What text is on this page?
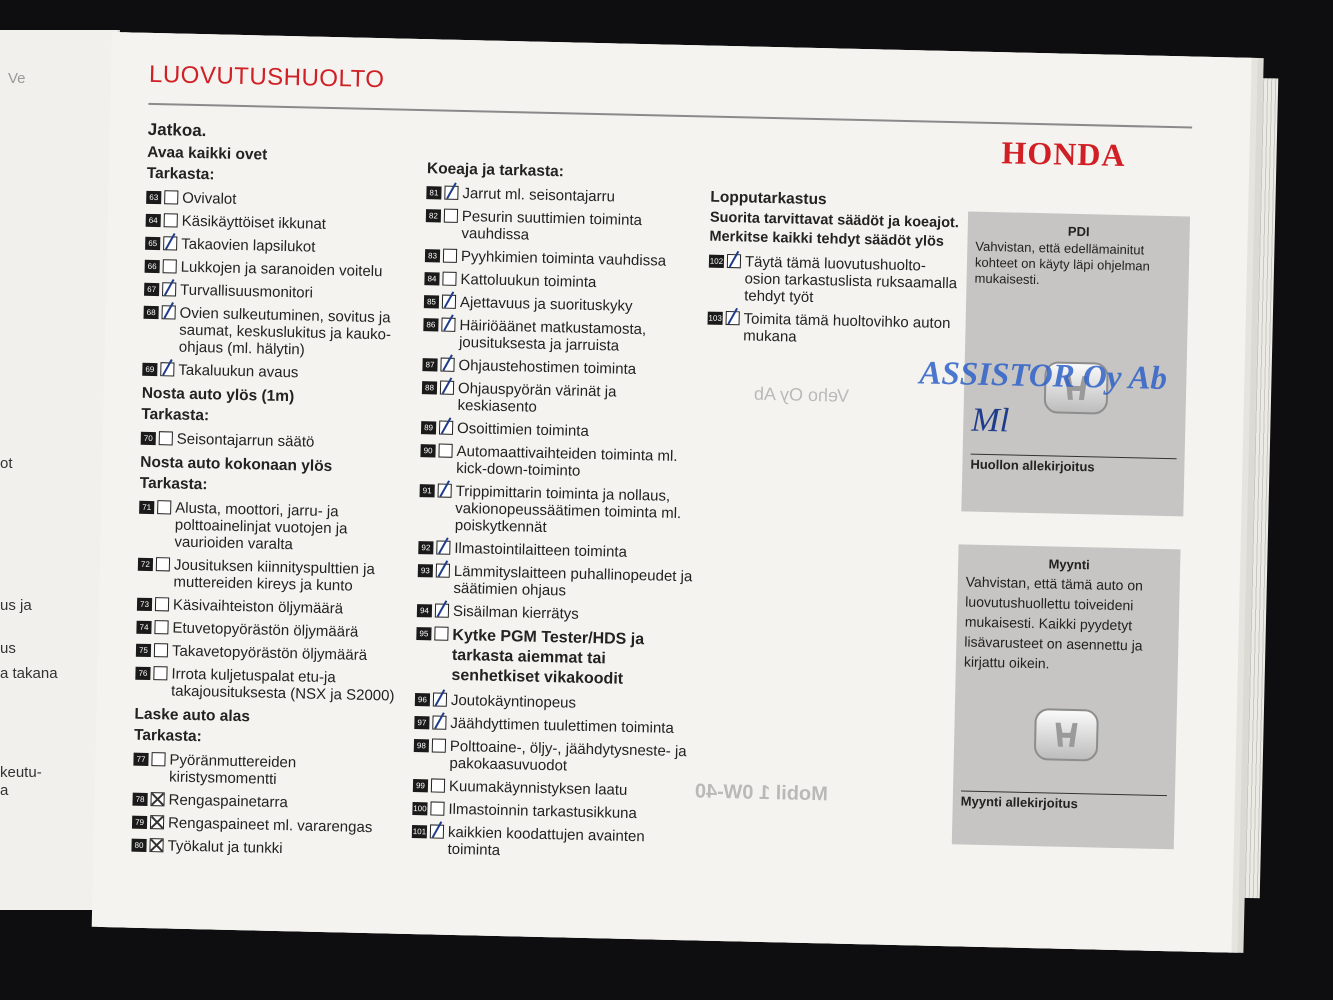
Ve
ot
us ja
us
a takana
keutu-
a
LUOVUTUSHUOLTO
HONDA
Jatkoa.
Avaa kaikki ovet
Tarkasta:
63 Ovivalot
64 Käsikäyttöiset ikkunat
65 Takaovien lapsilukot
66 Lukkojen ja saranoiden voitelu
67 Turvallisuusmonitori
68 Ovien sulkeutuminen, sovitus ja saumat, keskuslukitus ja kauko-ohjaus (ml. hälytin)
69 Takaluukun avaus
Nosta auto ylös (1m)
Tarkasta:
70 Seisontajarrun säätö
Nosta auto kokonaan ylös
Tarkasta:
71 Alusta, moottori, jarru- ja polttoainelinjat vuotojen ja vaurioiden varalta
72 Jousituksen kiinnityspulttien ja muttereiden kireys ja kunto
73 Käsivaihteiston öljymäärä
74 Etuvetopyörästön öljymäärä
75 Takavetopyörästön öljymäärä
76 Irrota kuljetuspalat etu-ja takajousituksesta (NSX ja S2000)
Laske auto alas
Tarkasta:
77 Pyöränmuttereiden kiristysmomentti
78 Rengaspainetarra
79 Rengaspaineet ml. vararengas
80 Työkalut ja tunkki
Koeaja ja tarkasta:
81 Jarrut ml. seisontajarru
82 Pesurin suuttimien toiminta vauhdissa
83 Pyyhkimien toiminta vauhdissa
84 Kattoluukun toiminta
85 Ajettavuus ja suorituskyky
86 Häiriöäänet matkustamosta, jousituksesta ja jarruista
87 Ohjaustehostimen toiminta
88 Ohjauspyörän värinät ja keskiasento
89 Osoittimien toiminta
90 Automaattivaihteiden toiminta ml. kick-down-toiminto
91 Trippimittarin toiminta ja nollaus, vakionopeussäätimen toiminta ml. poiskytkennät
92 Ilmastointilaitteen toiminta
93 Lämmityslaitteen puhallinopeudet ja säätimien ohjaus
94 Sisäilman kierrätys
95 Kytke PGM Tester/HDS ja tarkasta aiemmat tai senhetkiset vikakoodit
96 Joutokäyntinopeus
97 Jäähdyttimen tuulettimen toiminta
98 Polttoaine-, öljy-, jäähdytysneste- ja pakokaasuvuodot
99 Kuumakäynnistyksen laatu
100 Ilmastoinnin tarkastusikkuna
101 kaikkien koodattujen avainten toiminta
Lopputarkastus
Suorita tarvittavat säädöt ja koeajot. Merkitse kaikki tehdyt säädöt ylös
102 Täytä tämä luovutushuolto-osion tarkastuslista ruksaamalla tehdyt työt
103 Toimita tämä huoltovihko auton mukana
PDI
Vahvistan, että edellämainitut kohteet on käyty läpi ohjelman mukaisesti.
Huollon allekirjoitus
Ml
ASSISTOR Oy Ab
Myynti
Vahvistan, että tämä auto on luovutushuollettu toiveideni mukaisesti. Kaikki pyydetyt lisävarusteet on asennettu ja kirjattu oikein.
Myynti allekirjoitus
Veho Oy Ab
Mobil 1 0W-40
